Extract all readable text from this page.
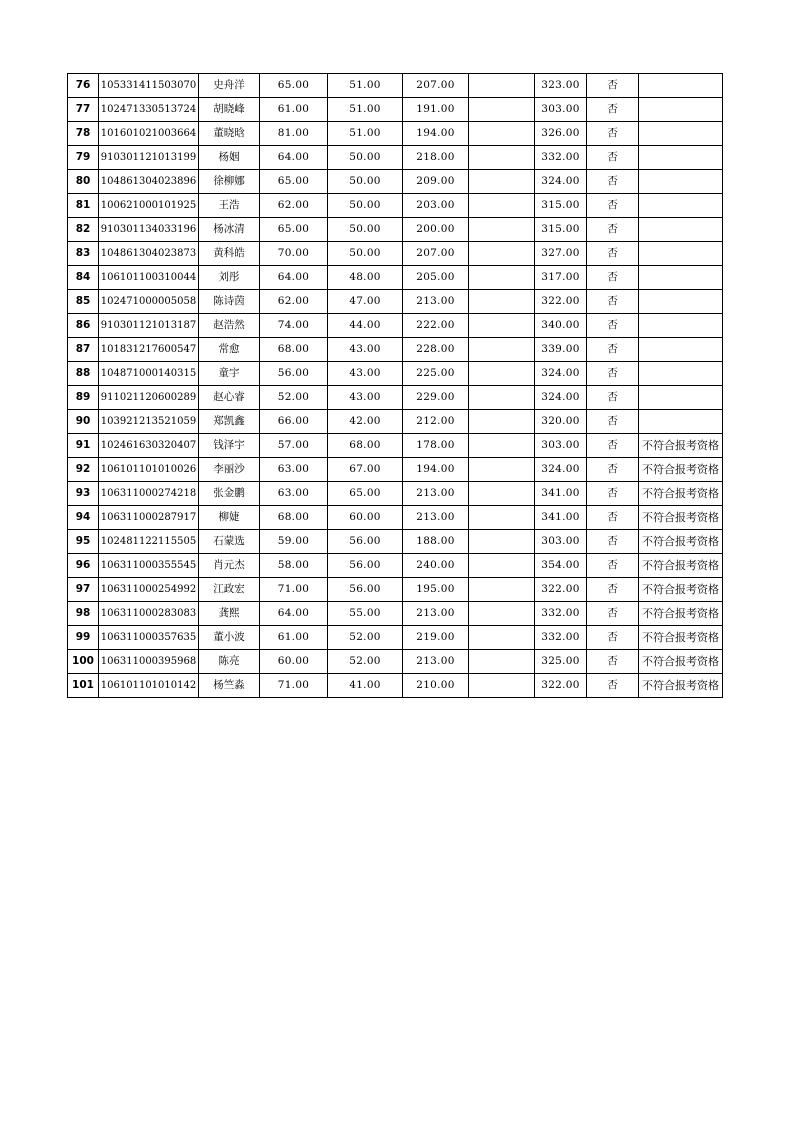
76	105331411503070	史舟洋	65.00	51.00	207.00		323.00	否	
77	102471330513724	胡晓峰	61.00	51.00	191.00		303.00	否	
78	101601021003664	董晓晗	81.00	51.00	194.00		326.00	否	
79	910301121013199	杨姻	64.00	50.00	218.00		332.00	否	
80	104861304023896	徐柳娜	65.00	50.00	209.00		324.00	否	
81	100621000101925	王浩	62.00	50.00	203.00		315.00	否	
82	910301134033196	杨冰清	65.00	50.00	200.00		315.00	否	
83	104861304023873	黄科皓	70.00	50.00	207.00		327.00	否	
84	106101100310044	刘彤	64.00	48.00	205.00		317.00	否	
85	102471000005058	陈诗茵	62.00	47.00	213.00		322.00	否	
86	910301121013187	赵浩然	74.00	44.00	222.00		340.00	否	
87	101831217600547	常愈	68.00	43.00	228.00		339.00	否	
88	104871000140315	童宇	56.00	43.00	225.00		324.00	否	
89	911021120600289	赵心睿	52.00	43.00	229.00		324.00	否	
90	103921213521059	郑凯鑫	66.00	42.00	212.00		320.00	否	
91	102461630320407	钱泽宇	57.00	68.00	178.00		303.00	否	不符合报考资格
92	106101101010026	李丽沙	63.00	67.00	194.00		324.00	否	不符合报考资格
93	106311000274218	张金鹏	63.00	65.00	213.00		341.00	否	不符合报考资格
94	106311000287917	柳婕	68.00	60.00	213.00		341.00	否	不符合报考资格
95	102481122115505	石蒙选	59.00	56.00	188.00		303.00	否	不符合报考资格
96	106311000355545	肖元杰	58.00	56.00	240.00		354.00	否	不符合报考资格
97	106311000254992	江政宏	71.00	56.00	195.00		322.00	否	不符合报考资格
98	106311000283083	龚熙	64.00	55.00	213.00		332.00	否	不符合报考资格
99	106311000357635	董小波	61.00	52.00	219.00		332.00	否	不符合报考资格
100	106311000395968	陈亮	60.00	52.00	213.00		325.00	否	不符合报考资格
101	106101101010142	杨竺淼	71.00	41.00	210.00		322.00	否	不符合报考资格
